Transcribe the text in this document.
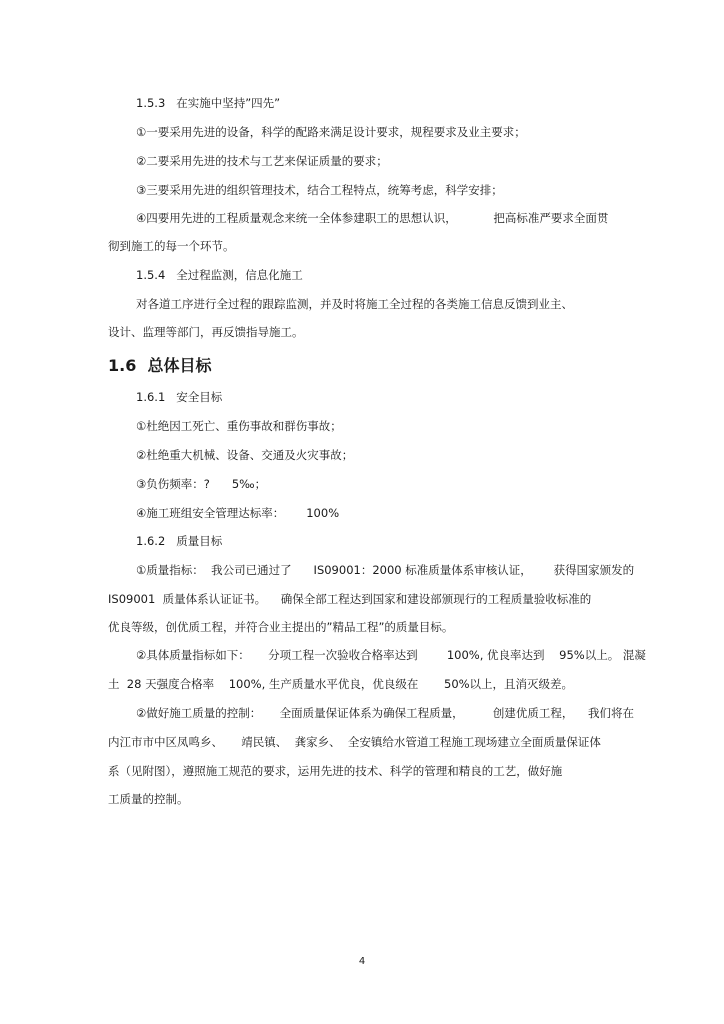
1.5.3   在实施中坚持”四先”
①一要采用先进的设备，科学的配路来满足设计要求，规程要求及业主要求；
②二要采用先进的技术与工艺来保证质量的要求；
③三要采用先进的组织管理技术，结合工程特点，统筹考虑，科学安排；
④四要用先进的工程质量观念来统一全体参建职工的思想认识，          把高标准严要求全面贯
彻到施工的每一个环节。
1.5.4   全过程监测，信息化施工
对各道工序进行全过程的跟踪监测，并及时将施工全过程的各类施工信息反馈到业主、
设计、监理等部门，再反馈指导施工。
1.6  总体目标
1.6.1   安全目标
①杜绝因工死亡、重伤事故和群伤事故；
②杜绝重大机械、设备、交通及火灾事故；
③负伤频率：?      5‰；
④施工班组安全管理达标率：      100%
1.6.2   质量目标
①质量指标：  我公司已通过了      IS09001：2000 标准质量体系审核认证，      获得国家颁发的
IS09001  质量体系认证证书。    确保全部工程达到国家和建设部颁现行的工程质量验收标准的
优良等级，创优质工程，并符合业主提出的”精品工程”的质量目标。
②具体质量指标如下：     分项工程一次验收合格率达到        100%, 优良率达到    95%以上。 混凝
土  28 天强度合格率    100%, 生产质量水平优良，优良级在       50%以上，且消灭级差。
②做好施工质量的控制：     全面质量保证体系为确保工程质量，        创建优质工程，    我们将在
内江市市中区凤鸣乡、     靖民镇、  龚家乡、  全安镇给水管道工程施工现场建立全面质量保证体
系（见附图），遵照施工规范的要求，运用先进的技术、科学的管理和精良的工艺，做好施
工质量的控制。
4
